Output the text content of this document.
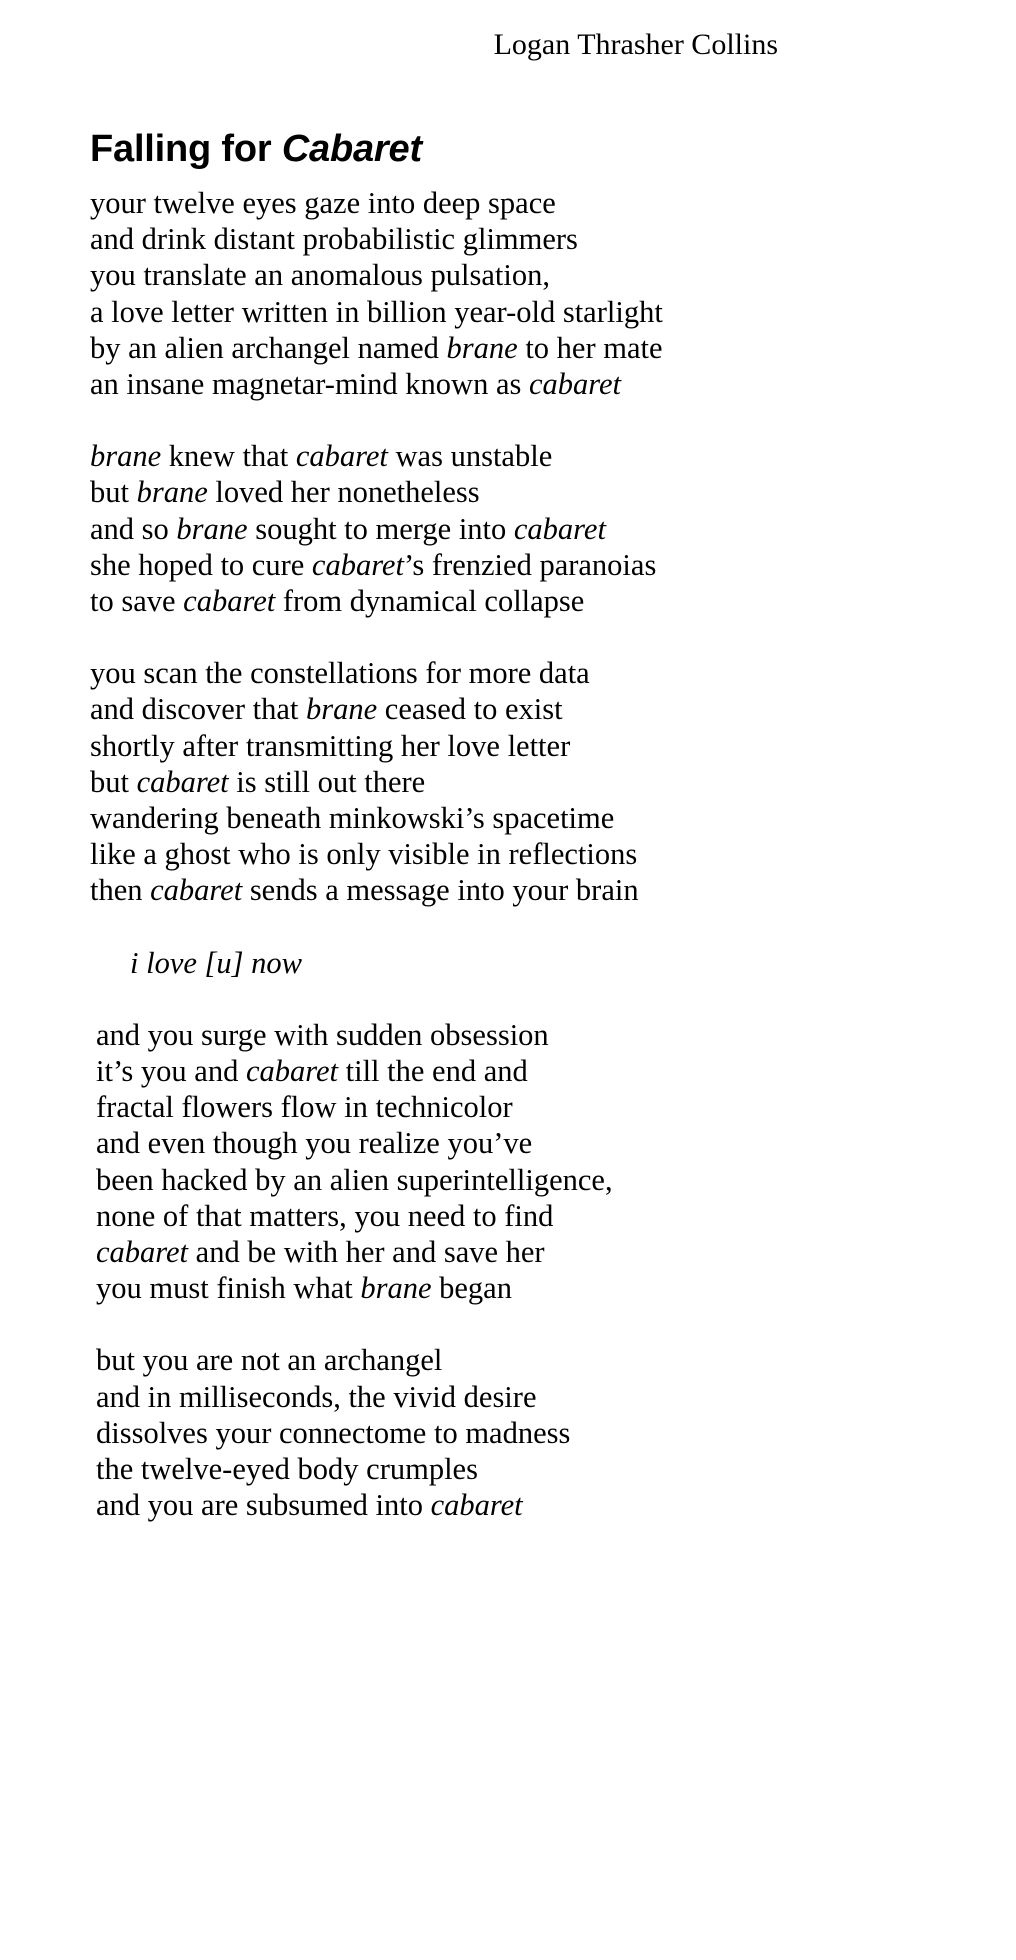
Logan Thrasher Collins
Falling for Cabaret
your twelve eyes gaze into deep space
and drink distant probabilistic glimmers
you translate an anomalous pulsation,
a love letter written in billion year-old starlight
by an alien archangel named brane to her mate
an insane magnetar-mind known as cabaret
brane knew that cabaret was unstable
but brane loved her nonetheless
and so brane sought to merge into cabaret
she hoped to cure cabaret’s frenzied paranoias
to save cabaret from dynamical collapse
you scan the constellations for more data
and discover that brane ceased to exist
shortly after transmitting her love letter
but cabaret is still out there
wandering beneath minkowski’s spacetime
like a ghost who is only visible in reflections
then cabaret sends a message into your brain
i love [u] now
and you surge with sudden obsession
it’s you and cabaret till the end and
fractal flowers flow in technicolor
and even though you realize you’ve
been hacked by an alien superintelligence,
none of that matters, you need to find
cabaret and be with her and save her
you must finish what brane began
but you are not an archangel
and in milliseconds, the vivid desire
dissolves your connectome to madness
the twelve-eyed body crumples
and you are subsumed into cabaret
